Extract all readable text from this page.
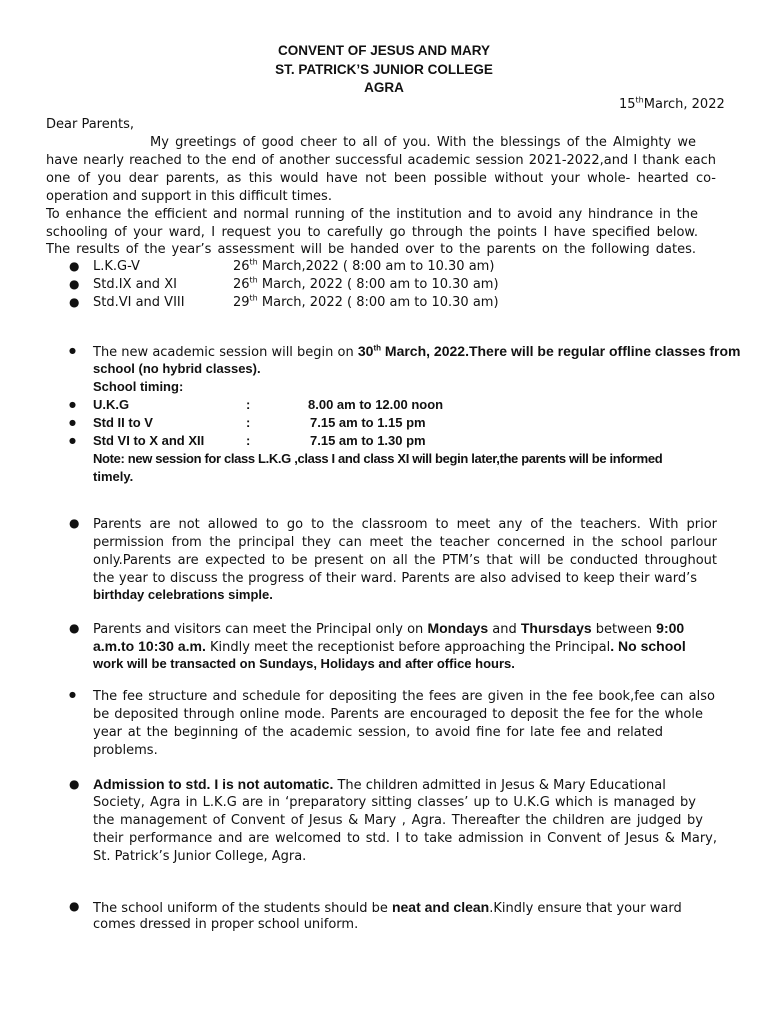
CONVENT OF JESUS AND MARY
ST. PATRICK’S JUNIOR COLLEGE
AGRA
15thMarch, 2022
Dear Parents,
My greetings of good cheer to all of you. With the blessings of the Almighty we
have nearly reached to the end of another successful academic session 2021-2022,and I thank each
one of you dear parents, as this would have not been possible without your whole- hearted co-
operation and support in this difficult times.
To enhance the efficient and normal running of the institution and to avoid any hindrance in the
schooling of your ward, I request you to carefully go through the points I have specified below.
The results of the year’s assessment will be handed over to the parents on the following dates.
● L.K.G-V	26th March,2022 ( 8:00 am to 10.30 am)
● Std.IX and XI	26th March, 2022 ( 8:00 am to 10.30 am)
● Std.VI and VIII	29th March, 2022 ( 8:00 am to 10.30 am)
● The new academic session will begin on 30th March, 2022.There will be regular offline classes from
school (no hybrid classes).
School timing:
● U.K.G	:	8.00 am to 12.00 noon
● Std II to V	:	7.15 am to 1.15 pm
● Std VI to X and XII	:	7.15 am to 1.30 pm
Note: new session for class L.K.G ,class I and class XI will begin later,the parents will be informed
timely.
● Parents are not allowed to go to the classroom to meet any of the teachers. With prior
permission from the principal they can meet the teacher concerned in the school parlour
only.Parents are expected to be present on all the PTM’s that will be conducted throughout
the year to discuss the progress of their ward. Parents are also advised to keep their ward’s
birthday celebrations simple.
● Parents and visitors can meet the Principal only on Mondays and Thursdays between 9:00
a.m.to 10:30 a.m. Kindly meet the receptionist before approaching the Principal. No school
work will be transacted on Sundays, Holidays and after office hours.
● The fee structure and schedule for depositing the fees are given in the fee book,fee can also
be deposited through online mode. Parents are encouraged to deposit the fee for the whole
year at the beginning of the academic session, to avoid fine for late fee and related
problems.
● Admission to std. I is not automatic. The children admitted in Jesus & Mary Educational
Society, Agra in L.K.G are in ‘preparatory sitting classes’ up to U.K.G which is managed by
the management of Convent of Jesus & Mary , Agra. Thereafter the children are judged by
their performance and are welcomed to std. I to take admission in Convent of Jesus & Mary,
St. Patrick’s Junior College, Agra.
● The school uniform of the students should be neat and clean.Kindly ensure that your ward
comes dressed in proper school uniform.
